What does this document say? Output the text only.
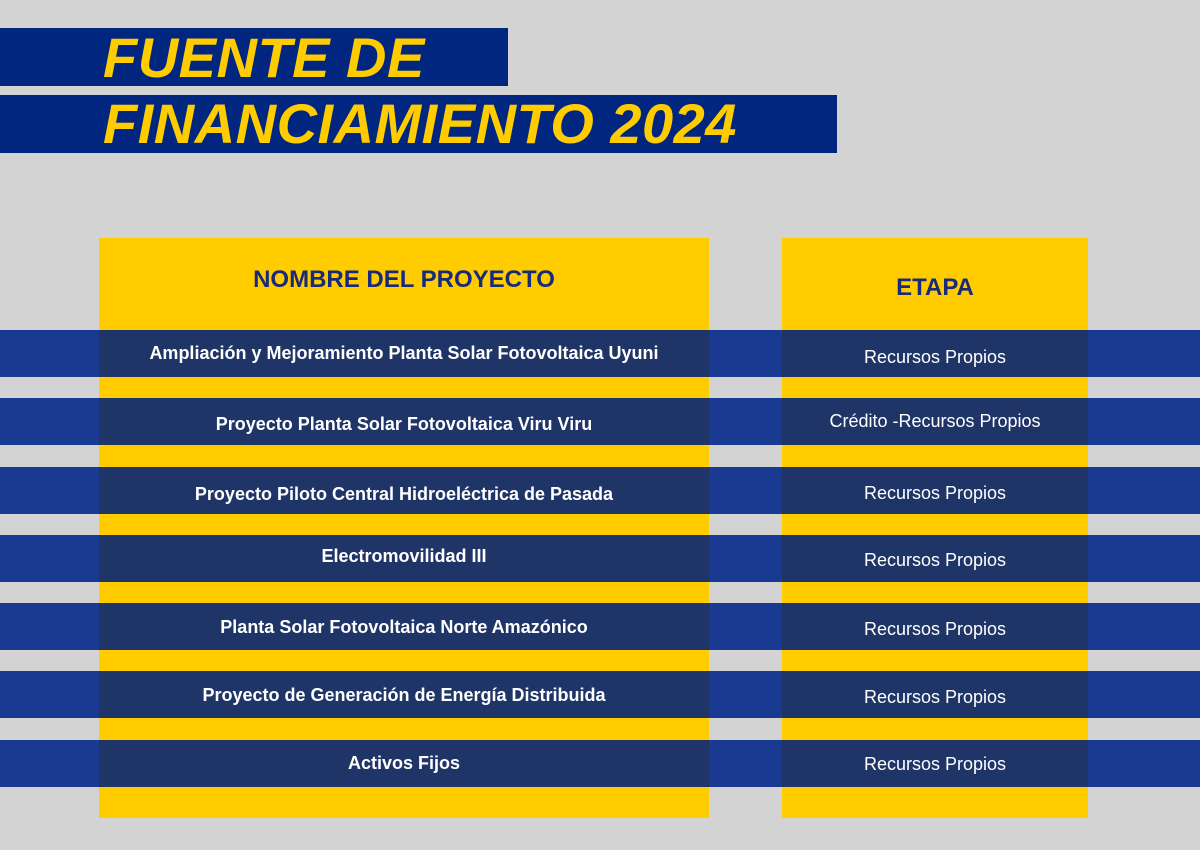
FUENTE DE
FINANCIAMIENTO 2024
NOMBRE DEL PROYECTO	ETAPA
Ampliación y Mejoramiento Planta Solar Fotovoltaica Uyuni	Recursos Propios
Proyecto Planta Solar Fotovoltaica Viru Viru	Crédito -Recursos Propios
Proyecto Piloto Central Hidroeléctrica de Pasada	Recursos Propios
Electromovilidad III	Recursos Propios
Planta Solar Fotovoltaica Norte Amazónico	Recursos Propios
Proyecto de Generación de Energía Distribuida	Recursos Propios
Activos Fijos	Recursos Propios
